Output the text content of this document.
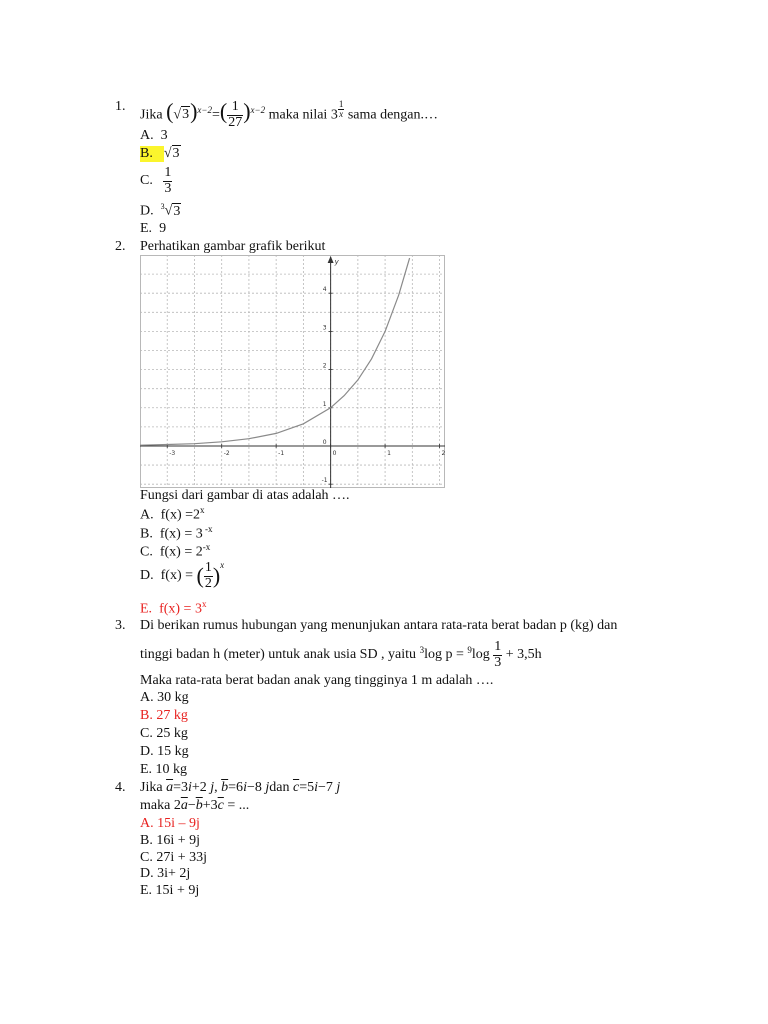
1.
Jika $(√3)^{x-2}=( \frac{1}{27} )^{x-2}$ maka nilai $3 \frac{1}{x}$ sama dengan.…
A. 3
B. √3
C. $\frac{1}{3}$
D. $^3$√3
E. 9
2. Perhatikan gambar grafik berikut
y
-3	-2	-1	0	1	2
-1
0
1
2
3
4
Fungsi dari gambar di atas adalah ….
A. $f(x) =2^x$
B. f(x) = 3 $^{-x}$
C. $f(x) = 2^{-x}$
D. f(x) = ( $\frac{1}{2} )^x$
E. $f(x) = 3^x$
3. Di berikan rumus hubungan yang menunjukan antara rata-rata berat badan p (kg) dan
tinggi badan h (meter) untuk anak usia SD , yaitu $^3$log $p = ^9\log \frac{1}{3} + 3,5h$
Maka rata-rata berat badan anak yang tingginya 1 m adalah ….
A. 30 kg
B. 27 kg
C. 25 kg
D. 15 kg
E. 10 kg
4. Jika $\overline{a}=3i+2$ j, $\overline{b}=6i-8$ jdan $\overline{c}=5i-7$ j
maka $2\overline{a}-\overline{b}+3\overline{c}$ = ...
A. 15i – 9j
B. 16i + 9j
C. 27i + 33j
D. 3i+ 2j
E. 15i + 9j
